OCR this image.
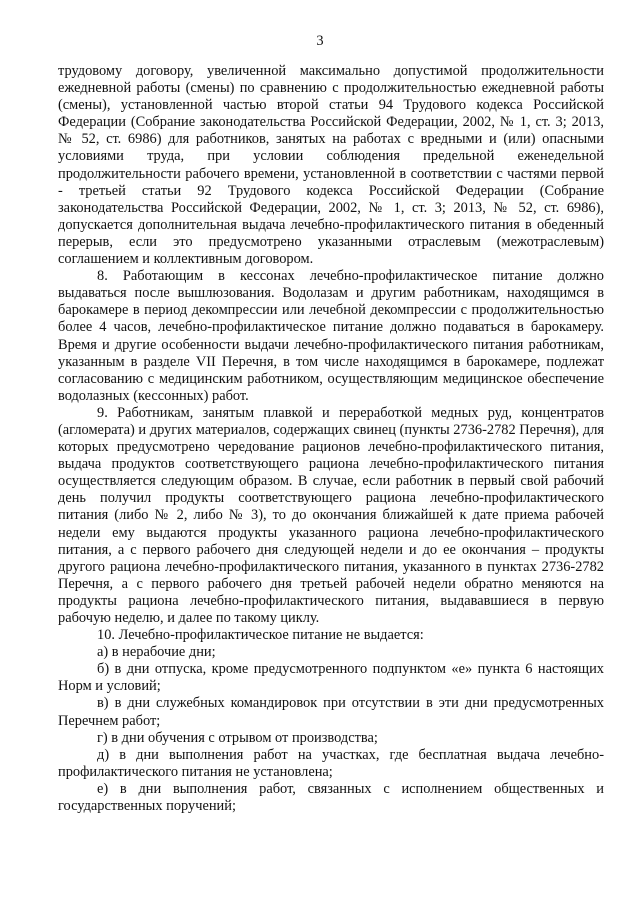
3

трудовому договору, увеличенной максимально допустимой продолжительности ежедневной работы (смены) по сравнению с продолжительностью ежедневной работы (смены), установленной частью второй статьи 94 Трудового кодекса Российской Федерации (Собрание законодательства Российской Федерации, 2002, № 1, ст. 3; 2013, № 52, ст. 6986) для работников, занятых на работах с вредными и (или) опасными условиями труда, при условии соблюдения предельной еженедельной продолжительности рабочего времени, установленной в соответствии с частями первой - третьей статьи 92 Трудового кодекса Российской Федерации (Собрание законодательства Российской Федерации, 2002, № 1, ст. 3; 2013, № 52, ст. 6986), допускается дополнительная выдача лечебно-профилактического питания в обеденный перерыв, если это предусмотрено указанными отраслевым (межотраслевым) соглашением и коллективным договором.

8. Работающим в кессонах лечебно-профилактическое питание должно выдаваться после вышлюзования. Водолазам и другим работникам, находящимся в барокамере в период декомпрессии или лечебной декомпрессии с продолжительностью более 4 часов, лечебно-профилактическое питание должно подаваться в барокамеру. Время и другие особенности выдачи лечебно-профилактического питания работникам, указанным в разделе VII Перечня, в том числе находящимся в барокамере, подлежат согласованию с медицинским работником, осуществляющим медицинское обеспечение водолазных (кессонных) работ.

9. Работникам, занятым плавкой и переработкой медных руд, концентратов (агломерата) и других материалов, содержащих свинец (пункты 2736-2782 Перечня), для которых предусмотрено чередование рационов лечебно-профилактического питания, выдача продуктов соответствующего рациона лечебно-профилактического питания осуществляется следующим образом. В случае, если работник в первый свой рабочий день получил продукты соответствующего рациона лечебно-профилактического питания (либо № 2, либо № 3), то до окончания ближайшей к дате приема рабочей недели ему выдаются продукты указанного рациона лечебно-профилактического питания, а с первого рабочего дня следующей недели и до ее окончания – продукты другого рациона лечебно-профилактического питания, указанного в пунктах 2736-2782 Перечня, а с первого рабочего дня третьей рабочей недели обратно меняются на продукты рациона лечебно-профилактического питания, выдававшиеся в первую рабочую неделю, и далее по такому циклу.

10. Лечебно-профилактическое питание не выдается:

а) в нерабочие дни;

б) в дни отпуска, кроме предусмотренного подпунктом «е» пункта 6 настоящих Норм и условий;

в) в дни служебных командировок при отсутствии в эти дни предусмотренных Перечнем работ;

г) в дни обучения с отрывом от производства;

д) в дни выполнения работ на участках, где бесплатная выдача лечебно-профилактического питания не установлена;

е) в дни выполнения работ, связанных с исполнением общественных и государственных поручений;
